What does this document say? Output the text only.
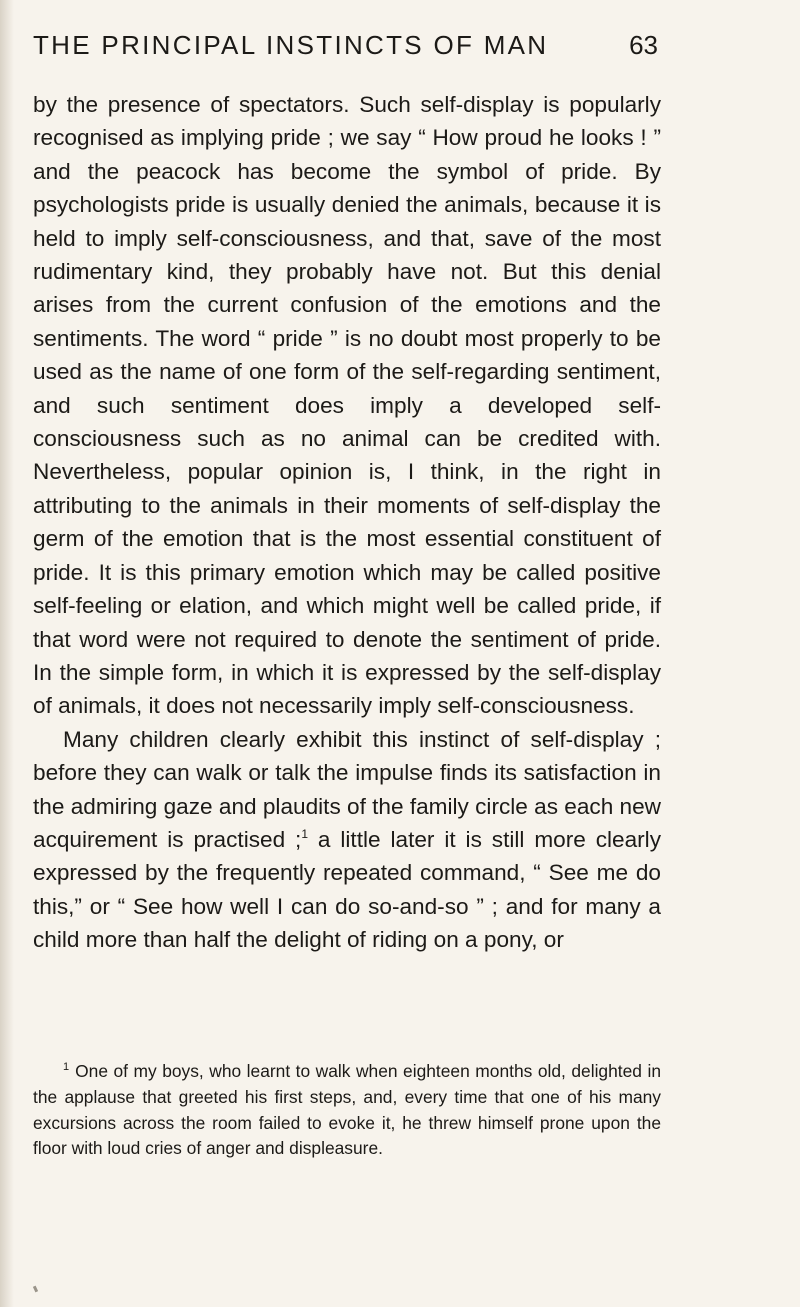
THE PRINCIPAL INSTINCTS OF MAN	63

by the presence of spectators. Such self-display is popularly recognised as implying pride ; we say “ How proud he looks ! ” and the peacock has become the symbol of pride. By psychologists pride is usually denied the animals, because it is held to imply self-consciousness, and that, save of the most rudimentary kind, they probably have not. But this denial arises from the current confusion of the emotions and the sentiments. The word “ pride ” is no doubt most properly to be used as the name of one form of the self-regarding sentiment, and such sentiment does imply a developed self-consciousness such as no animal can be credited with. Nevertheless, popular opinion is, I think, in the right in attributing to the animals in their moments of self-display the germ of the emotion that is the most essential constituent of pride. It is this primary emotion which may be called positive self-feeling or elation, and which might well be called pride, if that word were not required to denote the sentiment of pride. In the simple form, in which it is expressed by the self-display of animals, it does not necessarily imply self-consciousness.

Many children clearly exhibit this instinct of self-display ; before they can walk or talk the impulse finds its satisfaction in the admiring gaze and plaudits of the family circle as each new acquirement is practised ;$^1$ a little later it is still more clearly expressed by the frequently repeated command, “ See me do this,” or “ See how well I can do so-and-so ” ; and for many a child more than half the delight of riding on a pony, or

$^1$ One of my boys, who learnt to walk when eighteen months old, delighted in the applause that greeted his first steps, and, every time that one of his many excursions across the room failed to evoke it, he threw himself prone upon the floor with loud cries of anger and displeasure.
